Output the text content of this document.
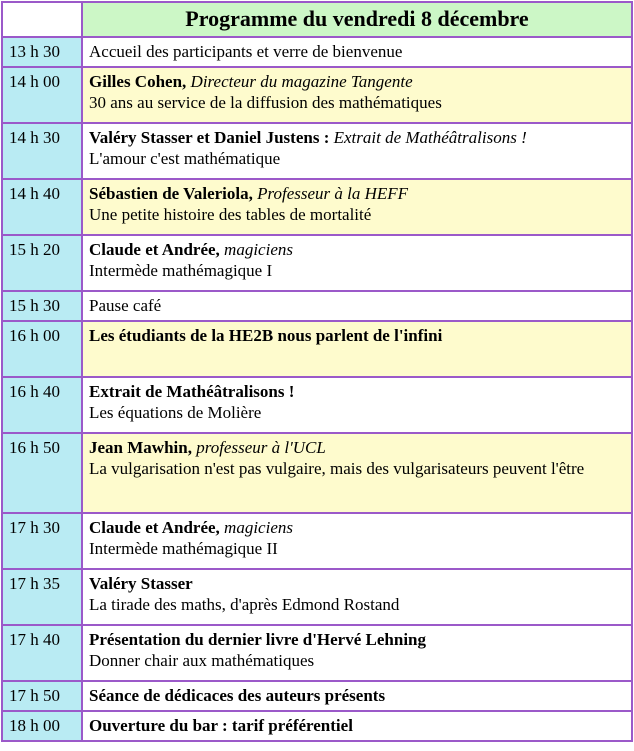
	Programme du vendredi 8 décembre
13 h 30	Accueil des participants et verre de bienvenue
14 h 00	Gilles Cohen, Directeur du magazine Tangente
30 ans au service de la diffusion des mathématiques
14 h 30	Valéry Stasser et Daniel Justens : Extrait de Mathéâtralisons !
L'amour c'est mathématique
14 h 40	Sébastien de Valeriola, Professeur à la HEFF
Une petite histoire des tables de mortalité
15 h 20	Claude et Andrée, magiciens
Intermède mathémagique I
15 h 30	Pause café
16 h 00	Les étudiants de la HE2B nous parlent de l'infini
16 h 40	Extrait de Mathéâtralisons !
Les équations de Molière
16 h 50	Jean Mawhin, professeur à l'UCL
La vulgarisation n'est pas vulgaire, mais des vulgarisateurs peuvent l'être
17 h 30	Claude et Andrée, magiciens
Intermède mathémagique II
17 h 35	Valéry Stasser
La tirade des maths, d'après Edmond Rostand
17 h 40	Présentation du dernier livre d'Hervé Lehning
Donner chair aux mathématiques
17 h 50	Séance de dédicaces des auteurs présents
18 h 00	Ouverture du bar : tarif préférentiel
